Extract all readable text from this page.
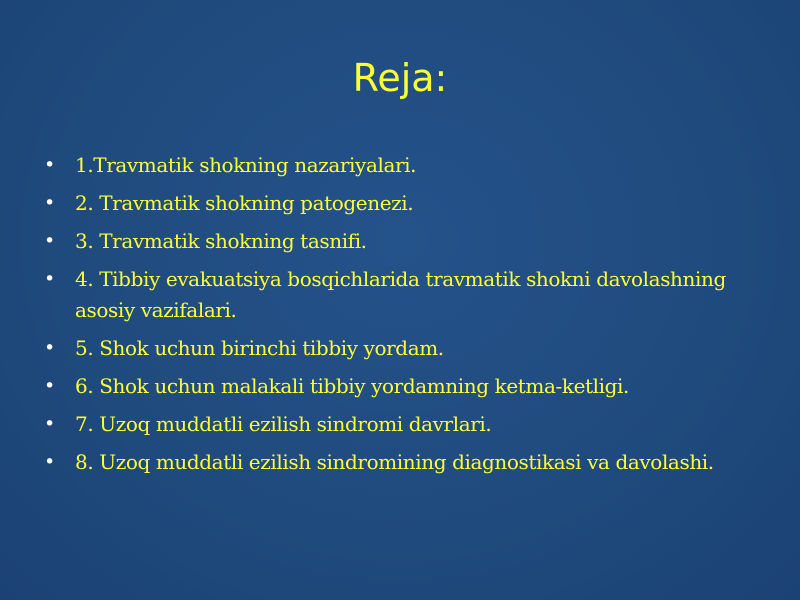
Reja:
• 1.Travmatik shokning nazariyalari.
• 2. Travmatik shokning patogenezi.
• 3. Travmatik shokning tasnifi.
• 4. Tibbiy evakuatsiya bosqichlarida travmatik shokni davolashning asosiy vazifalari.
• 5. Shok uchun birinchi tibbiy yordam.
• 6. Shok uchun malakali tibbiy yordamning ketma-ketligi.
• 7. Uzoq muddatli ezilish sindromi davrlari.
• 8. Uzoq muddatli ezilish sindromining diagnostikasi va davolashi.
